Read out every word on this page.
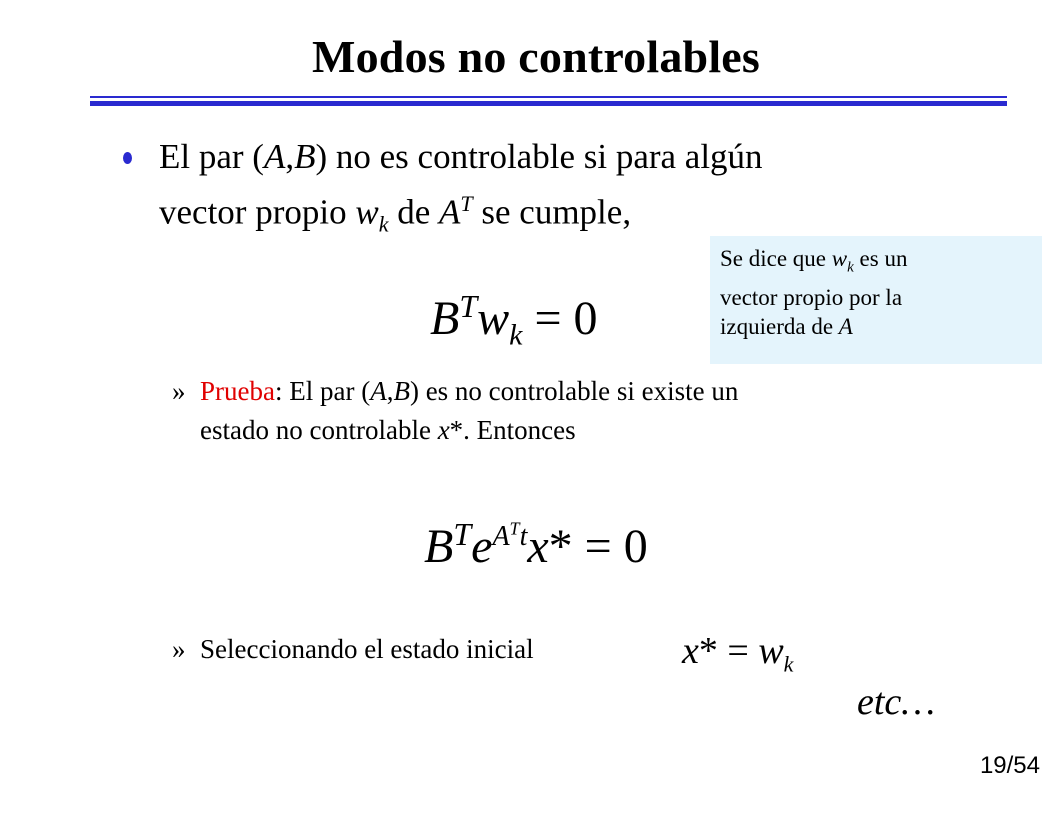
Modos no controlables
El par (A,B) no es controlable si para algún
vector propio $w_k$ de $A^T$ se cumple,
Se dice que $w_k$ es un
vector propio por la
izquierda de A
$B^Tw_k = 0$
» Prueba: El par (A,B) es no controlable si existe un
estado no controlable x*. Entonces
$B^Te^{A^Tt}x* = 0$
» Seleccionando el estado inicial	$x* = w_k$
etc…
19/54
